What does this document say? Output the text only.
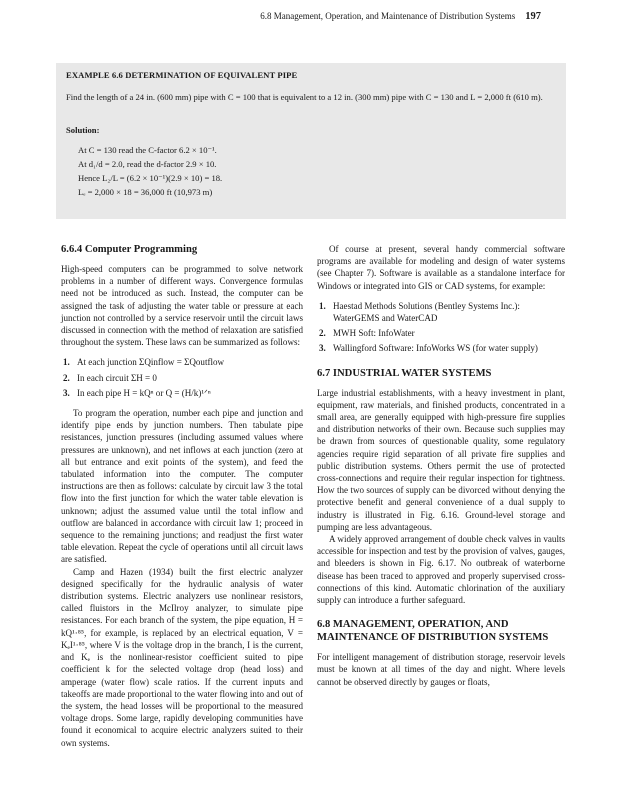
6.8 Management, Operation, and Maintenance of Distribution Systems 197
EXAMPLE 6.6 DETERMINATION OF EQUIVALENT PIPE
Find the length of a 24 in. (600 mm) pipe with C = 100 that is equivalent to a 12 in. (300 mm) pipe with C = 130 and L = 2,000 ft (610 m).
Solution:
At C = 130 read the C-factor 6.2 × 10⁻¹.
At d₁/d = 2.0, read the d-factor 2.9 × 10.
Hence L₂/L = (6.2 × 10⁻¹)(2.9 × 10) = 18.
Lₑ = 2,000 × 18 = 36,000 ft (10,973 m)
6.6.4 Computer Programming

High-speed computers can be programmed to solve network problems in a number of different ways. Convergence formulas need not be introduced as such. Instead, the computer can be assigned the task of adjusting the water table or pressure at each junction not controlled by a service reservoir until the circuit laws discussed in connection with the method of relaxation are satisfied throughout the system. These laws can be summarized as follows:

1. At each junction ΣQinflow = ΣQoutflow
2. In each circuit ΣH = 0
3. In each pipe H = kQⁿ or Q = (H/k)¹ᐟⁿ

To program the operation, number each pipe and junction and identify pipe ends by junction numbers. Then tabulate pipe resistances, junction pressures (including assumed values where pressures are unknown), and net inflows at each junction (zero at all but entrance and exit points of the system), and feed the tabulated information into the computer. The computer instructions are then as follows: calculate by circuit law 3 the total flow into the first junction for which the water table elevation is unknown; adjust the assumed value until the total inflow and outflow are balanced in accordance with circuit law 1; proceed in sequence to the remaining junctions; and readjust the first water table elevation. Repeat the cycle of operations until all circuit laws are satisfied.

Camp and Hazen (1934) built the first electric analyzer designed specifically for the hydraulic analysis of water distribution systems. Electric analyzers use nonlinear resistors, called fluistors in the McIlroy analyzer, to simulate pipe resistances. For each branch of the system, the pipe equation, H = kQ¹·⁸⁵, for example, is replaced by an electrical equation, V = KₑI¹·⁸⁵, where V is the voltage drop in the branch, I is the current, and Kₑ is the nonlinear-resistor coefficient suited to pipe coefficient k for the selected voltage drop (head loss) and amperage (water flow) scale ratios. If the current inputs and takeoffs are made proportional to the water flowing into and out of the system, the head losses will be proportional to the measured voltage drops. Some large, rapidly developing communities have found it economical to acquire electric analyzers suited to their own systems.

Of course at present, several handy commercial software programs are available for modeling and design of water systems (see Chapter 7). Software is available as a standalone interface for Windows or integrated into GIS or CAD systems, for example:

1. Haestad Methods Solutions (Bentley Systems Inc.): WaterGEMS and WaterCAD
2. MWH Soft: InfoWater
3. Wallingford Software: InfoWorks WS (for water supply)
6.7 INDUSTRIAL WATER SYSTEMS

Large industrial establishments, with a heavy investment in plant, equipment, raw materials, and finished products, concentrated in a small area, are generally equipped with high-pressure fire supplies and distribution networks of their own. Because such supplies may be drawn from sources of questionable quality, some regulatory agencies require rigid separation of all private fire supplies and public distribution systems. Others permit the use of protected cross-connections and require their regular inspection for tightness. How the two sources of supply can be divorced without denying the protective benefit and general convenience of a dual supply to industry is illustrated in Fig. 6.16. Ground-level storage and pumping are less advantageous.

A widely approved arrangement of double check valves in vaults accessible for inspection and test by the provision of valves, gauges, and bleeders is shown in Fig. 6.17. No outbreak of waterborne disease has been traced to approved and properly supervised cross-connections of this kind. Automatic chlorination of the auxiliary supply can introduce a further safeguard.

6.8 MANAGEMENT, OPERATION, AND MAINTENANCE OF DISTRIBUTION SYSTEMS

For intelligent management of distribution storage, reservoir levels must be known at all times of the day and night. Where levels cannot be observed directly by gauges or floats,
